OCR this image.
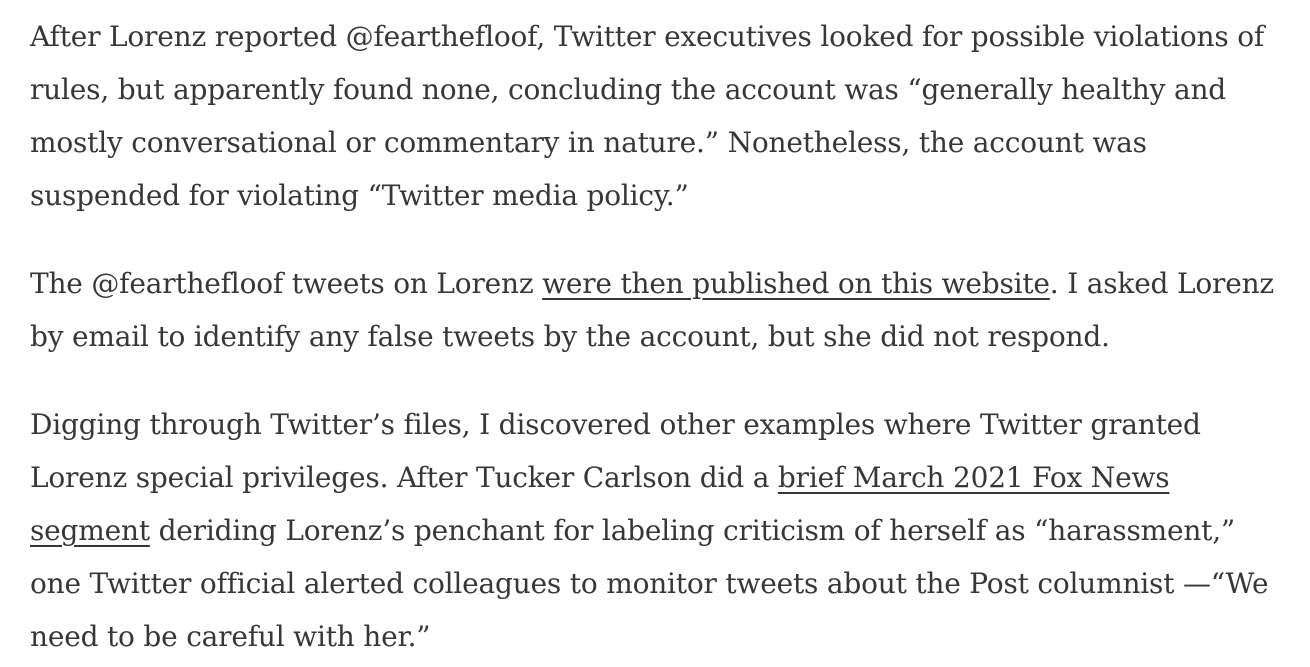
After Lorenz reported @fearthefloof, Twitter executives looked for possible violations of rules, but apparently found none, concluding the account was “generally healthy and mostly conversational or commentary in nature.” Nonetheless, the account was suspended for violating “Twitter media policy.”

The @fearthefloof tweets on Lorenz were then published on this website. I asked Lorenz by email to identify any false tweets by the account, but she did not respond.

Digging through Twitter’s files, I discovered other examples where Twitter granted Lorenz special privileges. After Tucker Carlson did a brief March 2021 Fox News segment deriding Lorenz’s penchant for labeling criticism of herself as “harassment,” one Twitter official alerted colleagues to monitor tweets about the Post columnist —“We need to be careful with her.”
